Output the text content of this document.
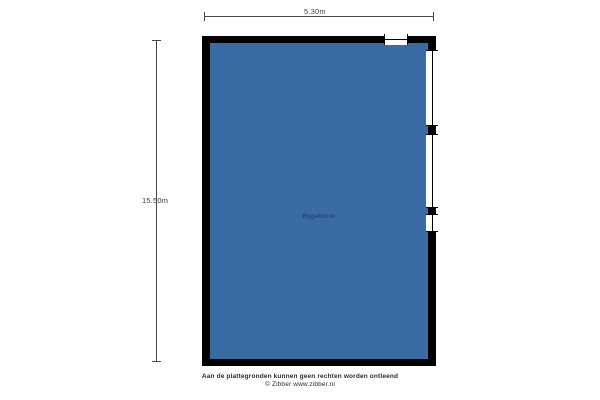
5.30m
15.50m
Bijgebouw
Aan de plattegronden kunnen geen rechten worden ontleend
© Zibber www.zibber.nl
